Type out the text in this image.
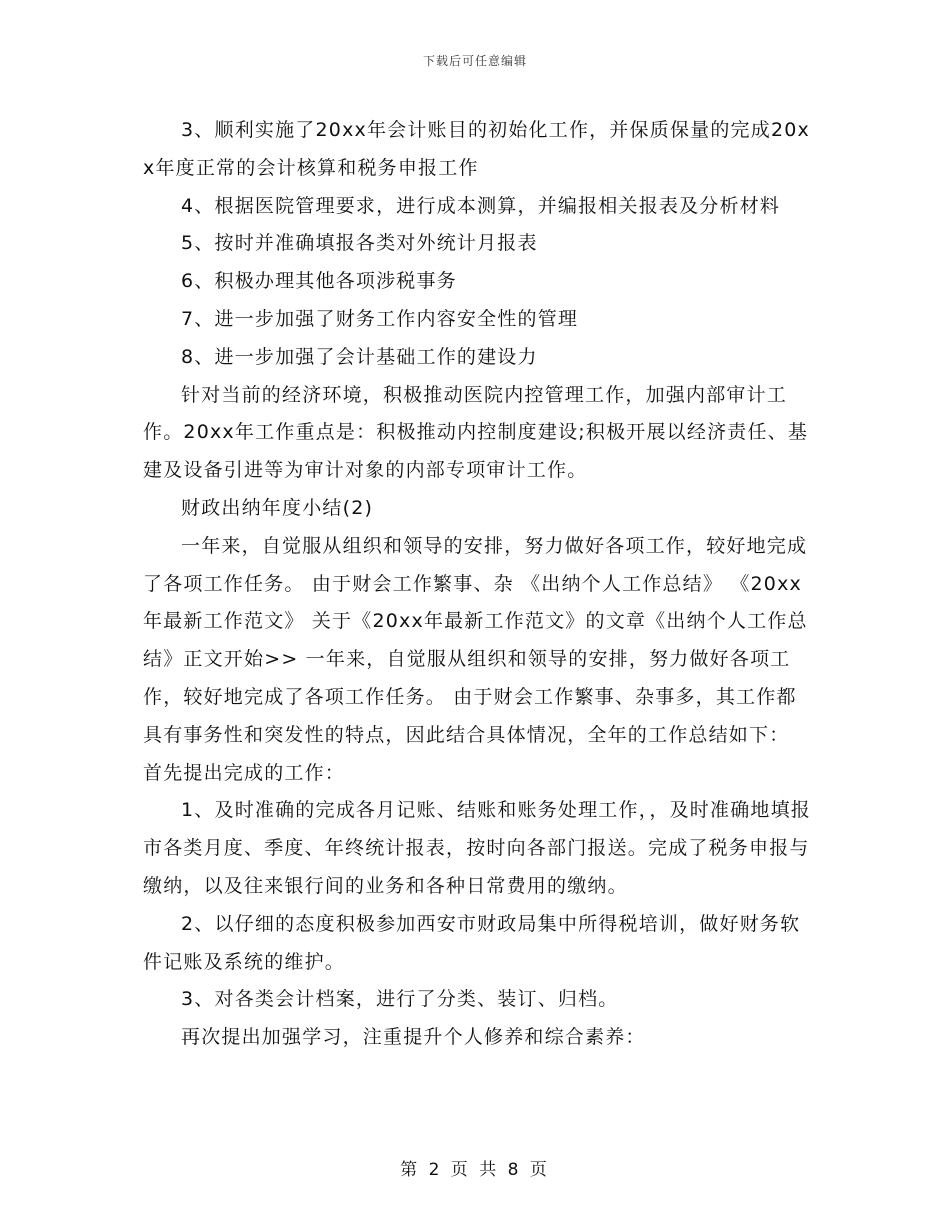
下载后可任意编辑

3、顺利实施了20xx年会计账目的初始化工作，并保质保量的完成20xx年度正常的会计核算和税务申报工作

4、根据医院管理要求，进行成本测算，并编报相关报表及分析材料

5、按时并准确填报各类对外统计月报表

6、积极办理其他各项涉税事务

7、进一步加强了财务工作内容安全性的管理

8、进一步加强了会计基础工作的建设力

针对当前的经济环境，积极推动医院内控管理工作，加强内部审计工作。20xx年工作重点是：积极推动内控制度建设;积极开展以经济责任、基建及设备引进等为审计对象的内部专项审计工作。

财政出纳年度小结(2)

一年来，自觉服从组织和领导的安排，努力做好各项工作，较好地完成了各项工作任务。 由于财会工作繁事、杂 《出纳个人工作总结》 《20xx年最新工作范文》 关于《20xx年最新工作范文》的文章《出纳个人工作总结》正文开始>> 一年来，自觉服从组织和领导的安排，努力做好各项工作，较好地完成了各项工作任务。 由于财会工作繁事、杂事多，其工作都具有事务性和突发性的特点，因此结合具体情况，全年的工作总结如下：     首先提出完成的工作：

1、及时准确的完成各月记账、结账和账务处理工作，，及时准确地填报市各类月度、季度、年终统计报表，按时向各部门报送。完成了税务申报与缴纳，以及往来银行间的业务和各种日常费用的缴纳。

2、以仔细的态度积极参加西安市财政局集中所得税培训，做好财务软件记账及系统的维护。

3、对各类会计档案，进行了分类、装订、归档。

再次提出加强学习，注重提升个人修养和综合素养：

第 2 页 共 8 页
